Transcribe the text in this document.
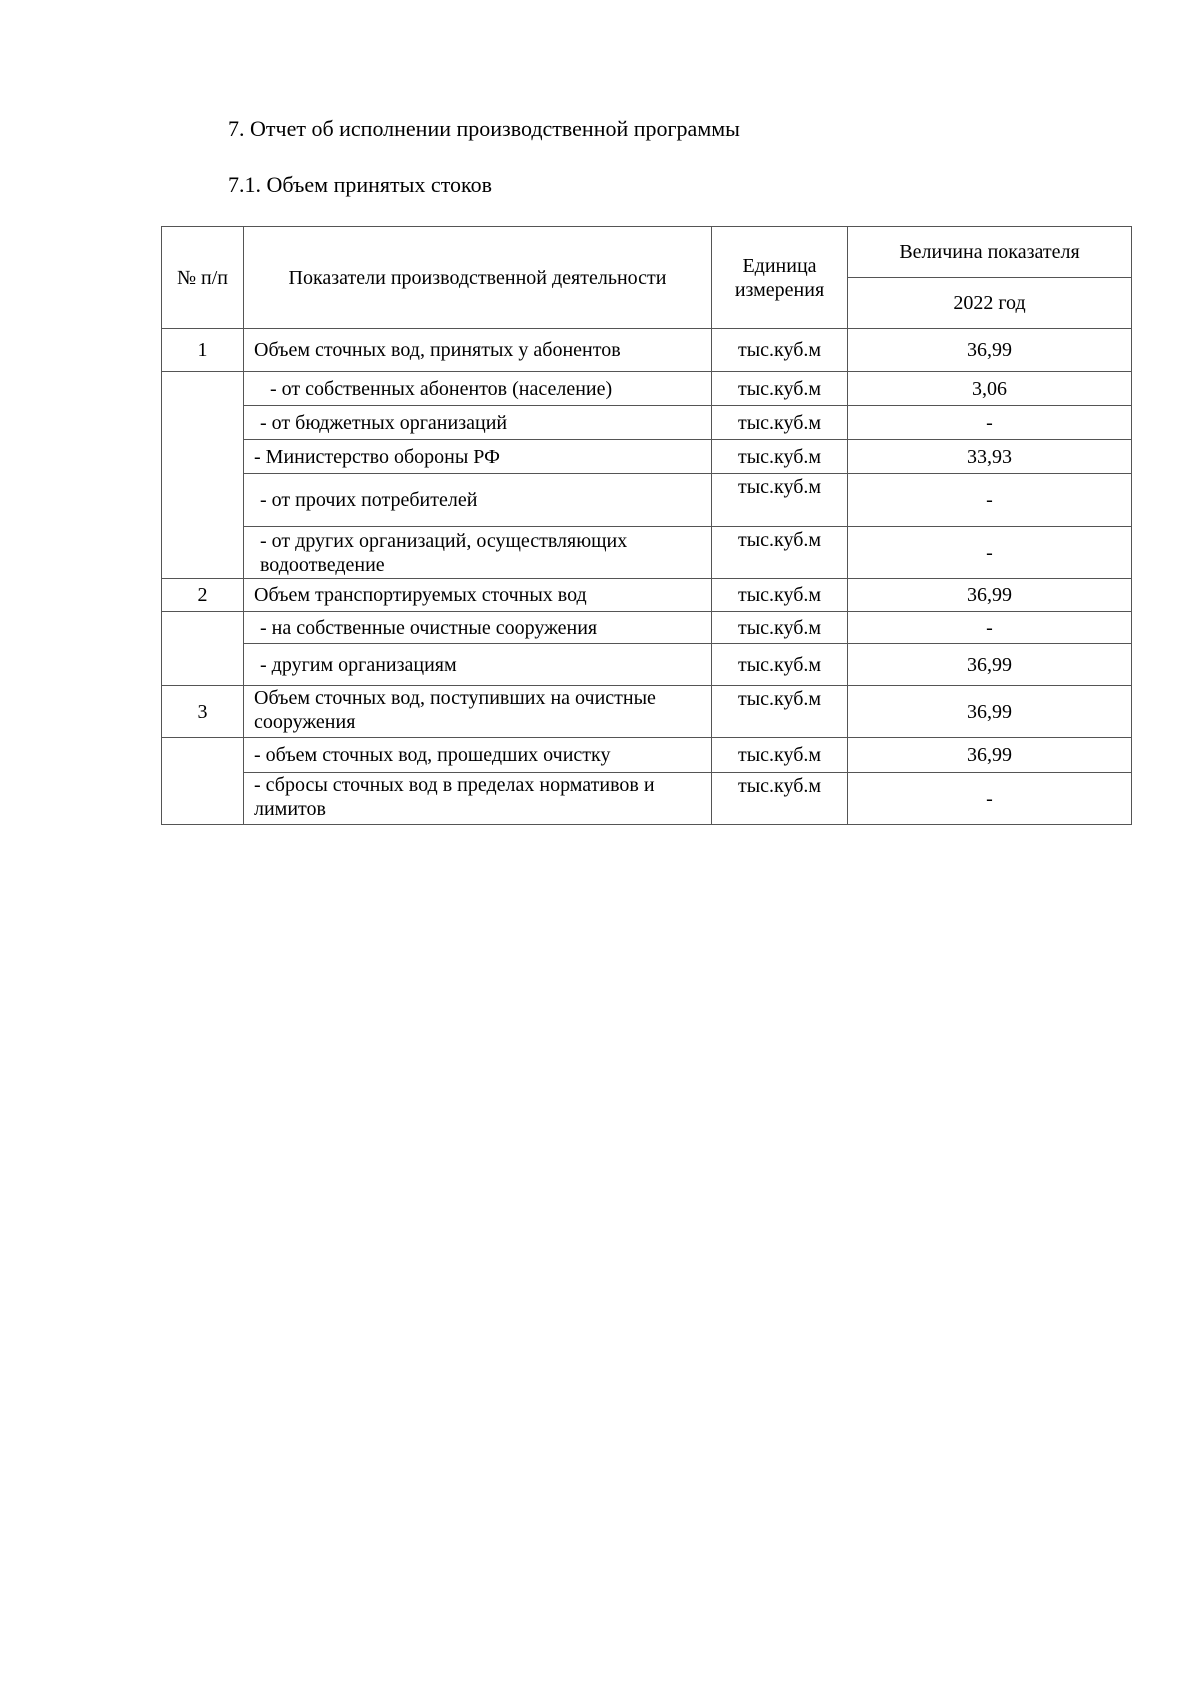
7. Отчет об исполнении производственной программы
7.1. Объем принятых стоков
№ п/п	Показатели производственной деятельности	Единица измерения	Величина показателя
			2022 год
1	Объем сточных вод, принятых у абонентов	тыс.куб.м	36,99
	- от собственных абонентов (население)	тыс.куб.м	3,06
	- от бюджетных организаций	тыс.куб.м	-
	- Министерство обороны РФ	тыс.куб.м	33,93
	- от прочих потребителей	тыс.куб.м	-
	- от других организаций, осуществляющих водоотведение	тыс.куб.м	-
2	Объем транспортируемых сточных вод	тыс.куб.м	36,99
	- на собственные очистные сооружения	тыс.куб.м	-
	- другим организациям	тыс.куб.м	36,99
3	Объем сточных вод, поступивших на очистные сооружения	тыс.куб.м	36,99
	- объем сточных вод, прошедших очистку	тыс.куб.м	36,99
	- сбросы сточных вод в пределах нормативов и лимитов	тыс.куб.м	-
